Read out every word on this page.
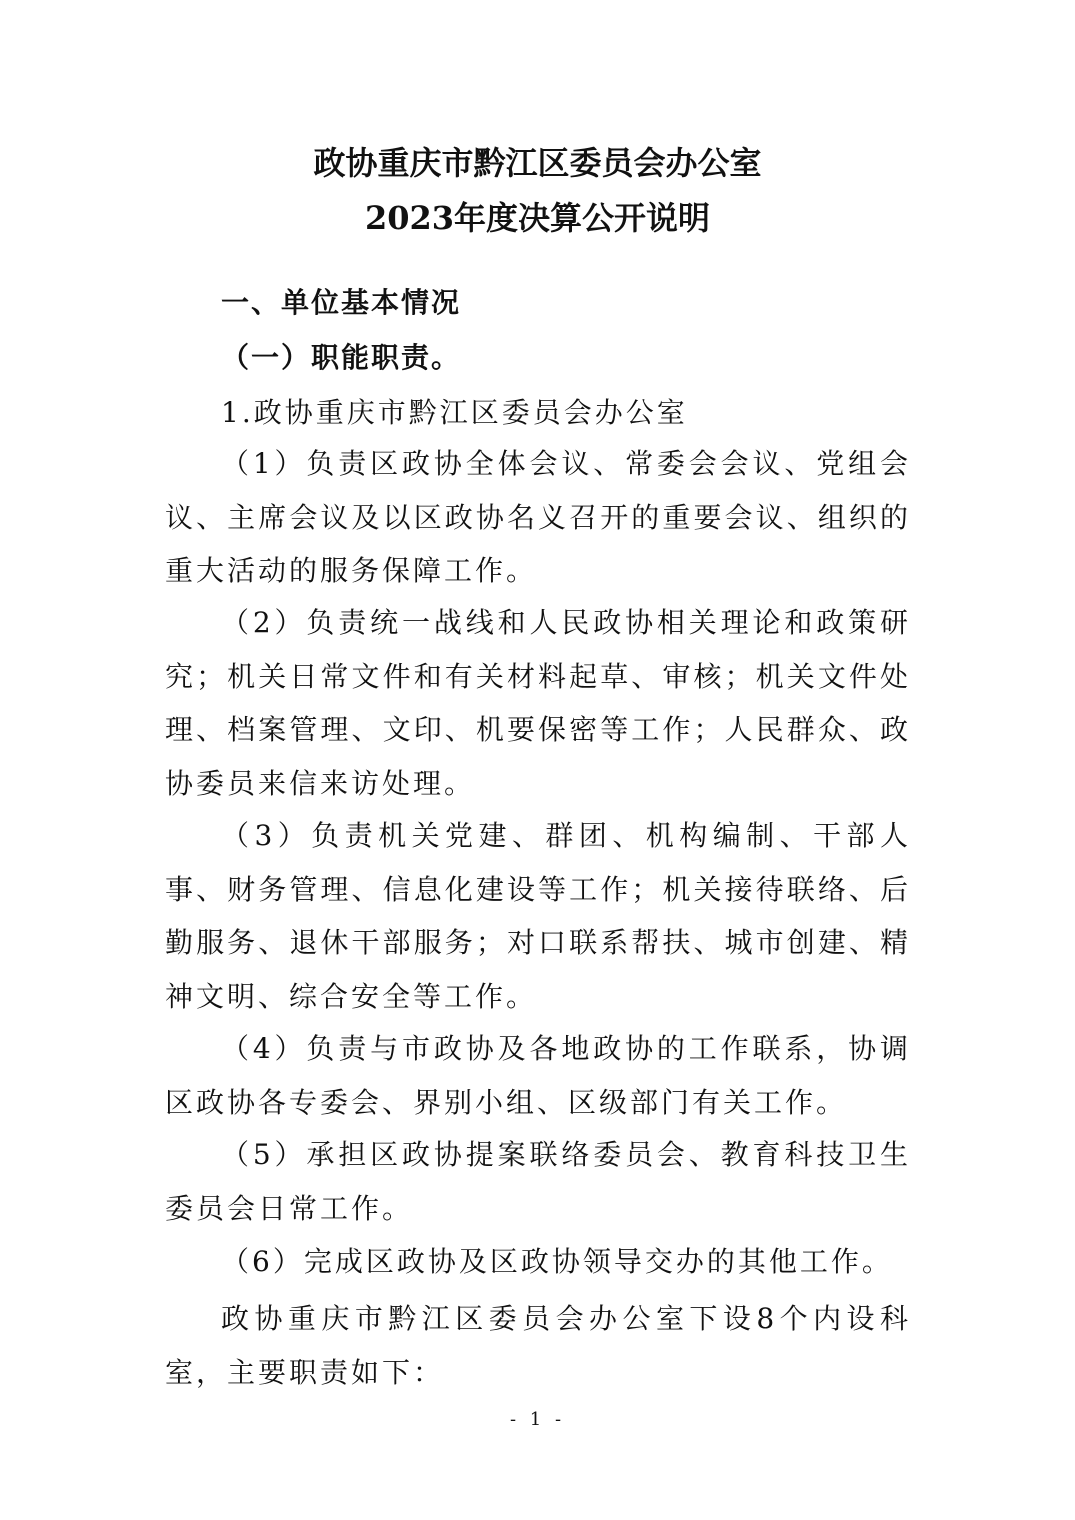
政协重庆市黔江区委员会办公室
2023年度决算公开说明
一、单位基本情况
（一）职能职责。
1.政协重庆市黔江区委员会办公室
（1）负责区政协全体会议、常委会会议、党组会议、主席会议及以区政协名义召开的重要会议、组织的重大活动的服务保障工作。
（2）负责统一战线和人民政协相关理论和政策研究；机关日常文件和有关材料起草、审核；机关文件处理、档案管理、文印、机要保密等工作；人民群众、政协委员来信来访处理。
（3）负责机关党建、群团、机构编制、干部人事、财务管理、信息化建设等工作；机关接待联络、后勤服务、退休干部服务；对口联系帮扶、城市创建、精神文明、综合安全等工作。
（4）负责与市政协及各地政协的工作联系，协调区政协各专委会、界别小组、区级部门有关工作。
（5）承担区政协提案联络委员会、教育科技卫生委员会日常工作。
（6）完成区政协及区政协领导交办的其他工作。
政协重庆市黔江区委员会办公室下设8个内设科室，主要职责如下：
- 1 -
